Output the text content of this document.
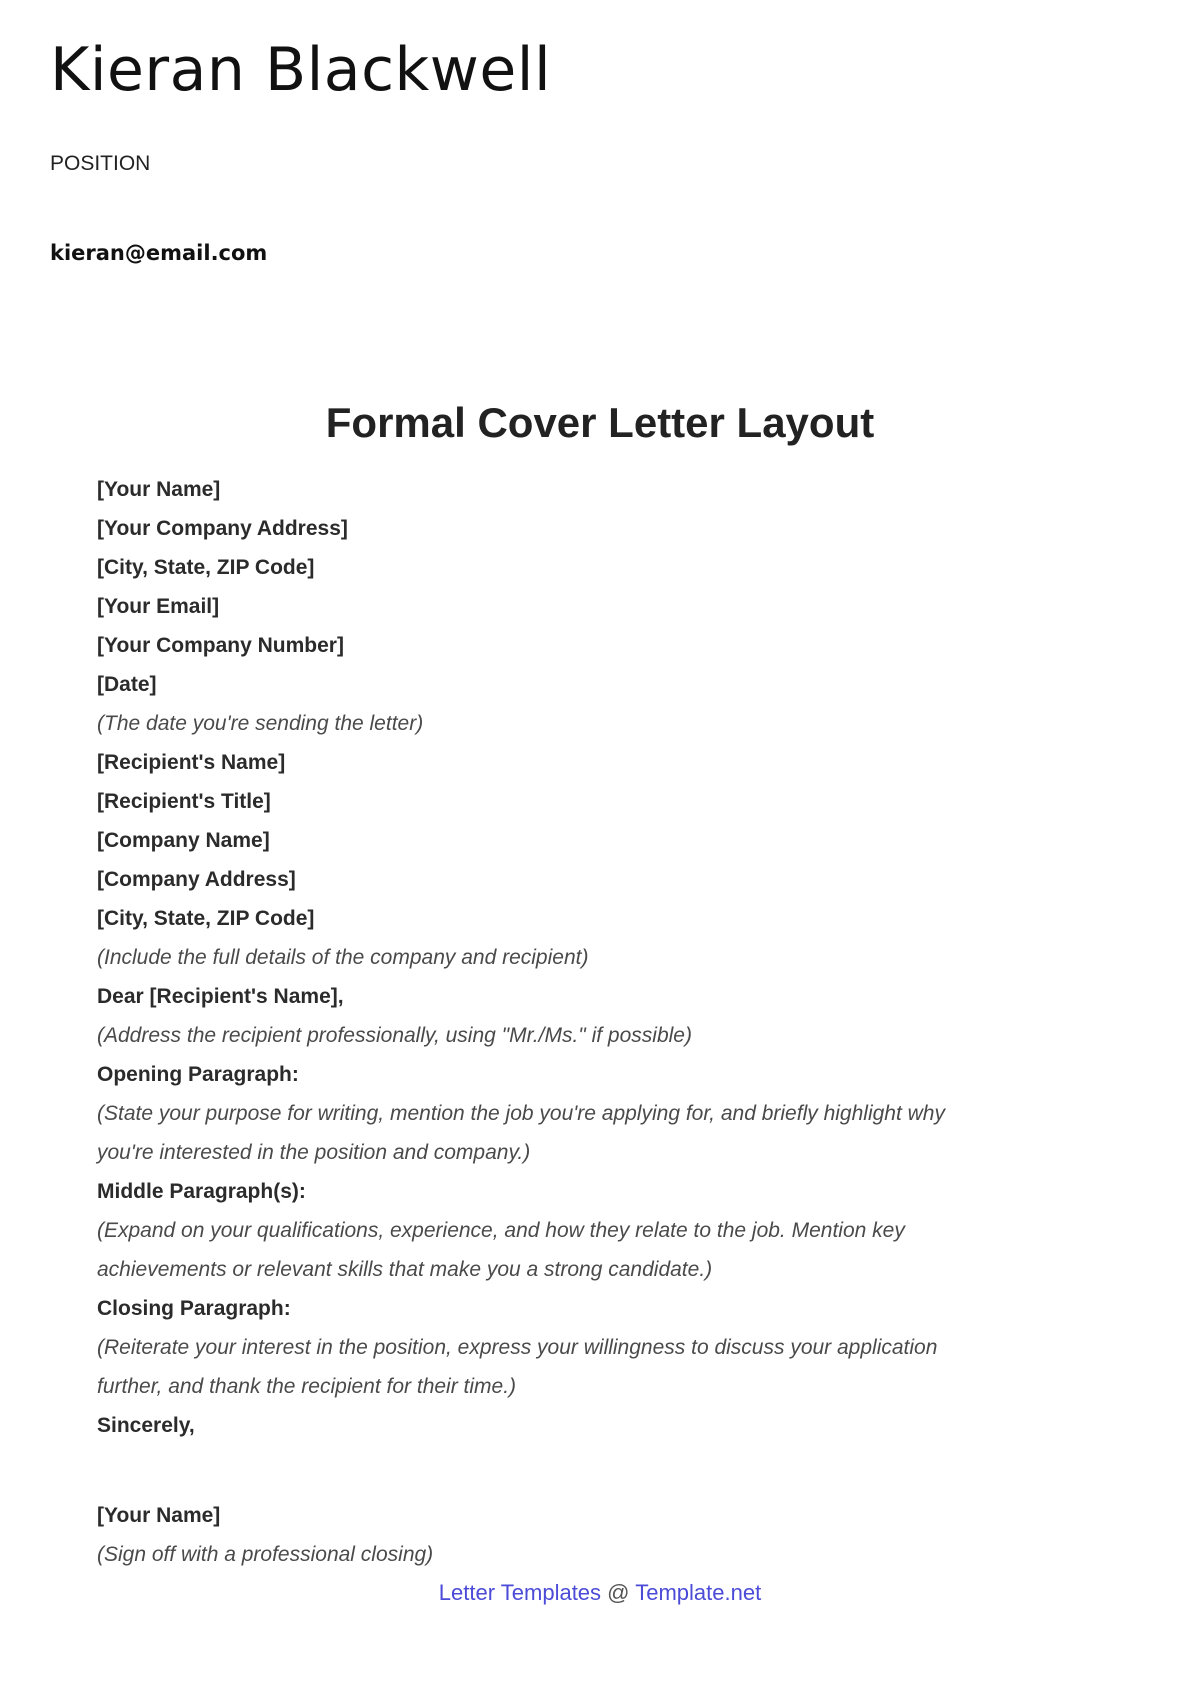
Kieran Blackwell
POSITION
kieran@email.com
Formal Cover Letter Layout
[Your Name]
[Your Company Address]
[City, State, ZIP Code]
[Your Email]
[Your Company Number]
[Date]
(The date you're sending the letter)
[Recipient's Name]
[Recipient's Title]
[Company Name]
[Company Address]
[City, State, ZIP Code]
(Include the full details of the company and recipient)
Dear [Recipient's Name],
(Address the recipient professionally, using "Mr./Ms." if possible)
Opening Paragraph:
(State your purpose for writing, mention the job you're applying for, and briefly highlight why
you're interested in the position and company.)
Middle Paragraph(s):
(Expand on your qualifications, experience, and how they relate to the job. Mention key
achievements or relevant skills that make you a strong candidate.)
Closing Paragraph:
(Reiterate your interest in the position, express your willingness to discuss your application
further, and thank the recipient for their time.)
Sincerely,
[Your Name]
(Sign off with a professional closing)
Letter Templates @ Template.net
